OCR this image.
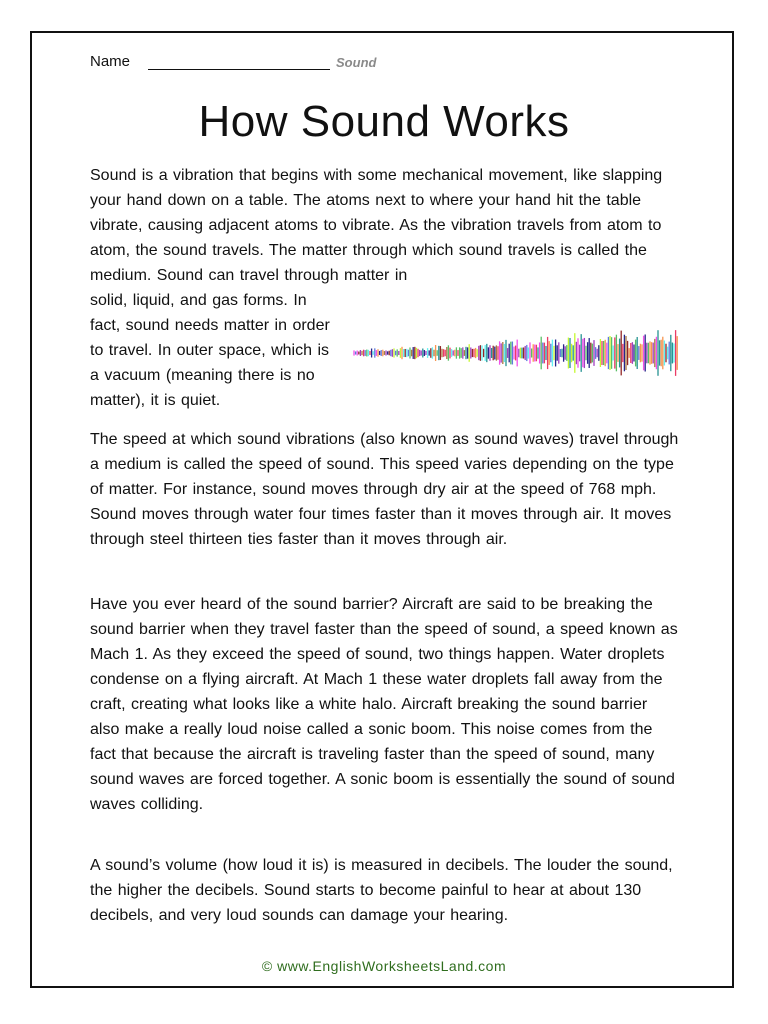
Name	Sound
How Sound Works

Sound is a vibration that begins with some mechanical movement, like slapping your hand down on a table. The atoms next to where your hand hit the table vibrate, causing adjacent atoms to vibrate. As the vibration travels from atom to atom, the sound travels. The matter through which sound travels is called the medium. Sound can travel through matter in

solid, liquid, and gas forms. In fact, sound needs matter in order to travel. In outer space, which is a vacuum (meaning there is no matter), it is quiet.

The speed at which sound vibrations (also known as sound waves) travel through a medium is called the speed of sound. This speed varies depending on the type of matter. For instance, sound moves through dry air at the speed of 768 mph. Sound moves through water four times faster than it moves through air. It moves through steel thirteen ties faster than it moves through air.

Have you ever heard of the sound barrier? Aircraft are said to be breaking the sound barrier when they travel faster than the speed of sound, a speed known as Mach 1. As they exceed the speed of sound, two things happen. Water droplets condense on a flying aircraft. At Mach 1 these water droplets fall away from the craft, creating what looks like a white halo. Aircraft breaking the sound barrier also make a really loud noise called a sonic boom. This noise comes from the fact that because the aircraft is traveling faster than the speed of sound, many sound waves are forced together. A sonic boom is essentially the sound of sound waves colliding.

A sound’s volume (how loud it is) is measured in decibels. The louder the sound, the higher the decibels. Sound starts to become painful to hear at about 130 decibels, and very loud sounds can damage your hearing.

© www.EnglishWorksheetsLand.com
